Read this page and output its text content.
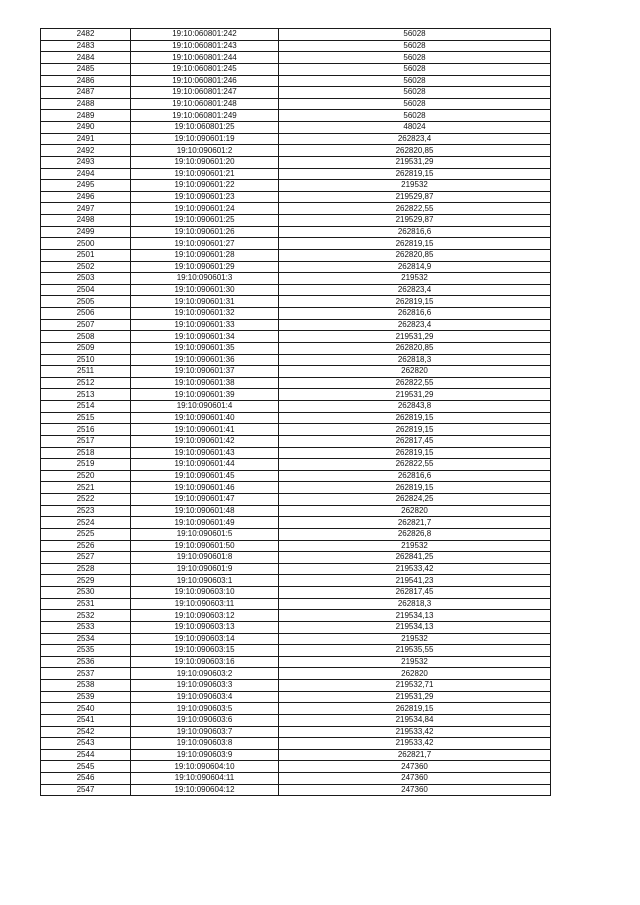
2482	19:10:060801:242	56028
2483	19:10:060801:243	56028
2484	19:10:060801:244	56028
2485	19:10:060801:245	56028
2486	19:10:060801:246	56028
2487	19:10:060801:247	56028
2488	19:10:060801:248	56028
2489	19:10:060801:249	56028
2490	19:10:060801:25	48024
2491	19:10:090601:19	262823,4
2492	19:10:090601:2	262820,85
2493	19:10:090601:20	219531,29
2494	19:10:090601:21	262819,15
2495	19:10:090601:22	219532
2496	19:10:090601:23	219529,87
2497	19:10:090601:24	262822,55
2498	19:10:090601:25	219529,87
2499	19:10:090601:26	262816,6
2500	19:10:090601:27	262819,15
2501	19:10:090601:28	262820,85
2502	19:10:090601:29	262814,9
2503	19:10:090601:3	219532
2504	19:10:090601:30	262823,4
2505	19:10:090601:31	262819,15
2506	19:10:090601:32	262816,6
2507	19:10:090601:33	262823,4
2508	19:10:090601:34	219531,29
2509	19:10:090601:35	262820,85
2510	19:10:090601:36	262818,3
2511	19:10:090601:37	262820
2512	19:10:090601:38	262822,55
2513	19:10:090601:39	219531,29
2514	19:10:090601:4	262843,8
2515	19:10:090601:40	262819,15
2516	19:10:090601:41	262819,15
2517	19:10:090601:42	262817,45
2518	19:10:090601:43	262819,15
2519	19:10:090601:44	262822,55
2520	19:10:090601:45	262816,6
2521	19:10:090601:46	262819,15
2522	19:10:090601:47	262824,25
2523	19:10:090601:48	262820
2524	19:10:090601:49	262821,7
2525	19:10:090601:5	262826,8
2526	19:10:090601:50	219532
2527	19:10:090601:8	262841,25
2528	19:10:090601:9	219533,42
2529	19:10:090603:1	219541,23
2530	19:10:090603:10	262817,45
2531	19:10:090603:11	262818,3
2532	19:10:090603:12	219534,13
2533	19:10:090603:13	219534,13
2534	19:10:090603:14	219532
2535	19:10:090603:15	219535,55
2536	19:10:090603:16	219532
2537	19:10:090603:2	262820
2538	19:10:090603:3	219532,71
2539	19:10:090603:4	219531,29
2540	19:10:090603:5	262819,15
2541	19:10:090603:6	219534,84
2542	19:10:090603:7	219533,42
2543	19:10:090603:8	219533,42
2544	19:10:090603:9	262821,7
2545	19:10:090604:10	247360
2546	19:10:090604:11	247360
2547	19:10:090604:12	247360
